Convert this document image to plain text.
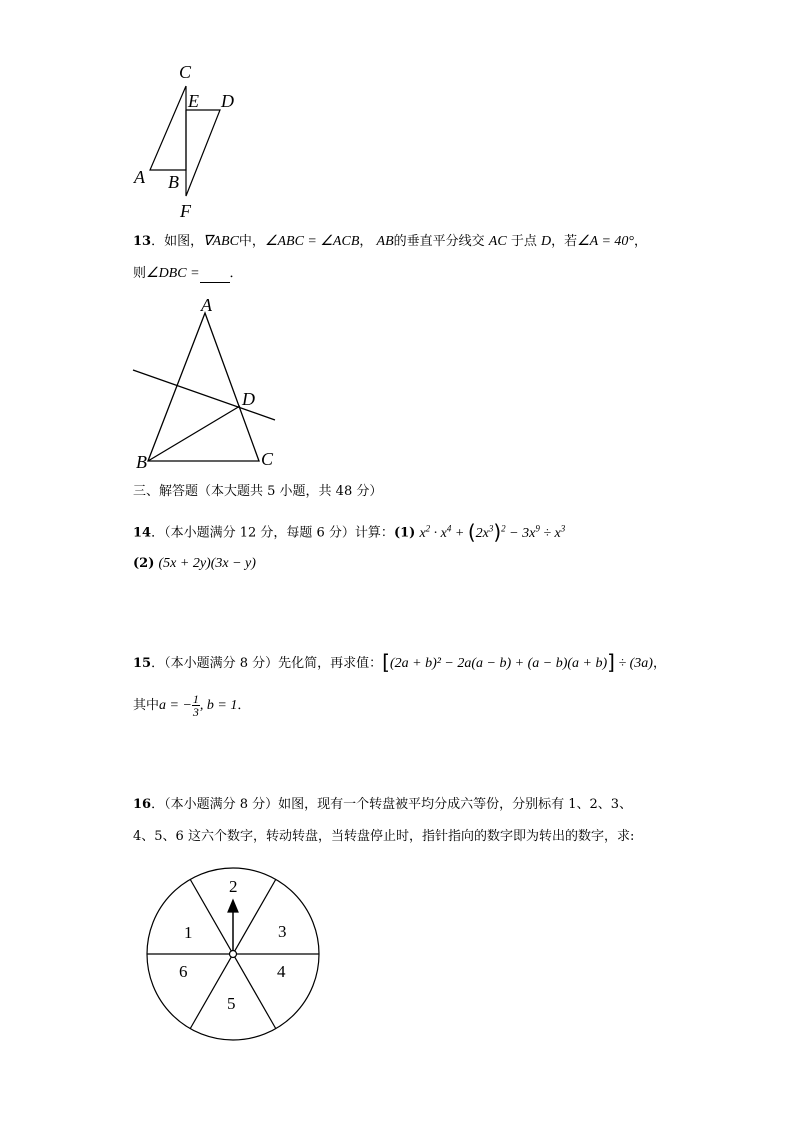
C
E D
A B
F
13．如图，∇ABC中，∠ABC = ∠ACB， AB的垂直平分线交 AC 于点 D，若∠A = 40°，
则∠DBC = ．
A
D
B	C
三、解答题（本大题共 5 小题，共 48 分）
14．（本小题满分 12 分，每题 6 分）计算：(1) $x^2 \cdot x^4 + (2x^3)^2 - 3x^9 \div x^3$
(2) (5x + 2y)(3x − y)
15．（本小题满分 8 分）先化简，再求值：[(2a + b)² − 2a(a − b) + (a − b)(a + b)] ÷ (3a)，
其中a = − $\frac{1}{3}$ , b = 1．
16．（本小题满分 8 分）如图，现有一个转盘被平均分成六等份，分别标有 1、2、3、
4、5、6 这六个数字，转动转盘，当转盘停止时，指针指向的数字即为转出的数字，求:
2
3
4
5
6
1
